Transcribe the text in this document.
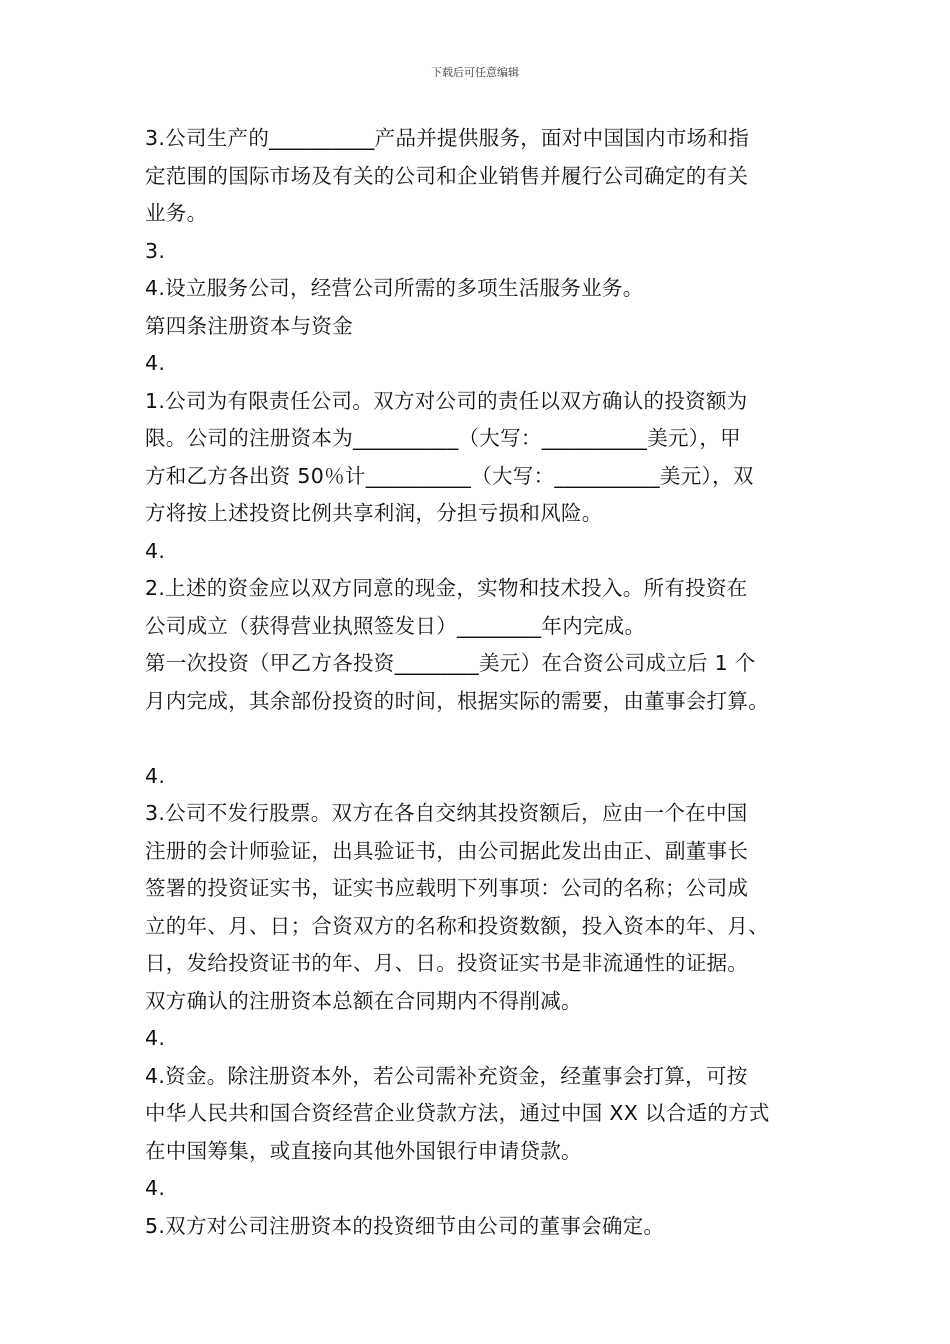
下载后可任意编辑
3.公司生产的__________产品并提供服务，面对中国国内市场和指
定范围的国际市场及有关的公司和企业销售并履行公司确定的有关
业务。
3.
4.设立服务公司，经营公司所需的多项生活服务业务。
第四条注册资本与资金
4.
1.公司为有限责任公司。双方对公司的责任以双方确认的投资额为
限。公司的注册资本为__________（大写：__________美元），甲
方和乙方各出资 50％计__________（大写：__________美元），双
方将按上述投资比例共享利润，分担亏损和风险。
4.
2.上述的资金应以双方同意的现金，实物和技术投入。所有投资在
公司成立（获得营业执照签发日）________年内完成。
第一次投资（甲乙方各投资________美元）在合资公司成立后 1 个
月内完成，其余部份投资的时间，根据实际的需要，由董事会打算。
4.
3.公司不发行股票。双方在各自交纳其投资额后，应由一个在中国
注册的会计师验证，出具验证书，由公司据此发出由正、副董事长
签署的投资证实书，证实书应载明下列事项：公司的名称；公司成
立的年、月、日；合资双方的名称和投资数额，投入资本的年、月、
日，发给投资证书的年、月、日。投资证实书是非流通性的证据。
双方确认的注册资本总额在合同期内不得削减。
4.
4.资金。除注册资本外，若公司需补充资金，经董事会打算，可按
中华人民共和国合资经营企业贷款方法，通过中国 XX 以合适的方式
在中国筹集，或直接向其他外国银行申请贷款。
4.
5.双方对公司注册资本的投资细节由公司的董事会确定。
